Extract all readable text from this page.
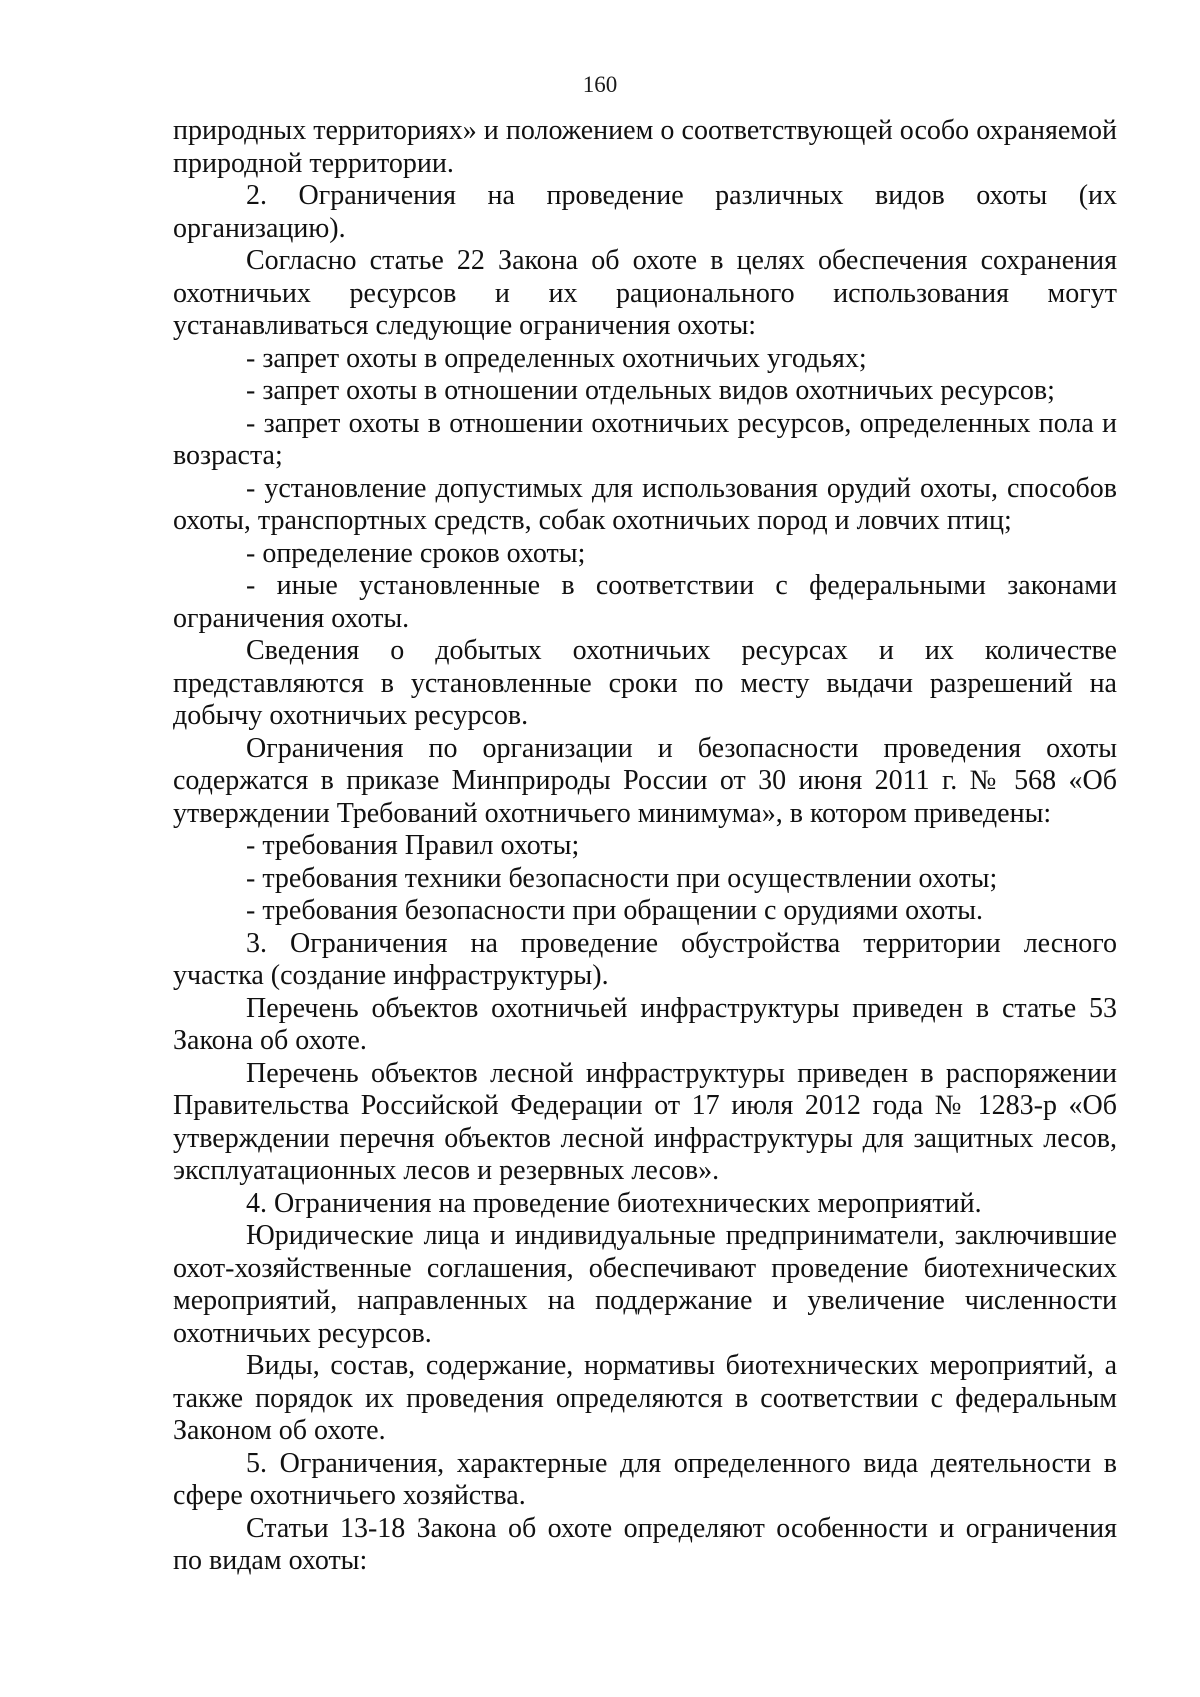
160

природных территориях» и положением о соответствующей особо охраняемой природной территории.

2. Ограничения на проведение различных видов охоты (их организацию).

Согласно статье 22 Закона об охоте в целях обеспечения сохранения охотничьих ресурсов и их рационального использования могут устанавливаться следующие ограничения охоты:

- запрет охоты в определенных охотничьих угодьях;

- запрет охоты в отношении отдельных видов охотничьих ресурсов;

- запрет охоты в отношении охотничьих ресурсов, определенных пола и возраста;

- установление допустимых для использования орудий охоты, способов охоты, транспортных средств, собак охотничьих пород и ловчих птиц;

- определение сроков охоты;

- иные установленные в соответствии с федеральными законами ограничения охоты.

Сведения о добытых охотничьих ресурсах и их количестве представляются в установленные сроки по месту выдачи разрешений на добычу охотничьих ресурсов.

Ограничения по организации и безопасности проведения охоты содержатся в приказе Минприроды России от 30 июня 2011 г. № 568 «Об утверждении Требований охотничьего минимума», в котором приведены:

- требования Правил охоты;

- требования техники безопасности при осуществлении охоты;

- требования безопасности при обращении с орудиями охоты.

3. Ограничения на проведение обустройства территории лесного участка (создание инфраструктуры).

Перечень объектов охотничьей инфраструктуры приведен в статье 53 Закона об охоте.

Перечень объектов лесной инфраструктуры приведен в распоряжении Правительства Российской Федерации от 17 июля 2012 года № 1283-р «Об утверждении перечня объектов лесной инфраструктуры для защитных лесов, эксплуатационных лесов и резервных лесов».

4. Ограничения на проведение биотехнических мероприятий.

Юридические лица и индивидуальные предприниматели, заключившие охот-хозяйственные соглашения, обеспечивают проведение биотехнических мероприятий, направленных на поддержание и увеличение численности охотничьих ресурсов.

Виды, состав, содержание, нормативы биотехнических мероприятий, а также порядок их проведения определяются в соответствии с федеральным Законом об охоте.

5. Ограничения, характерные для определенного вида деятельности в сфере охотничьего хозяйства.

Статьи 13-18 Закона об охоте определяют особенности и ограничения по видам охоты:
